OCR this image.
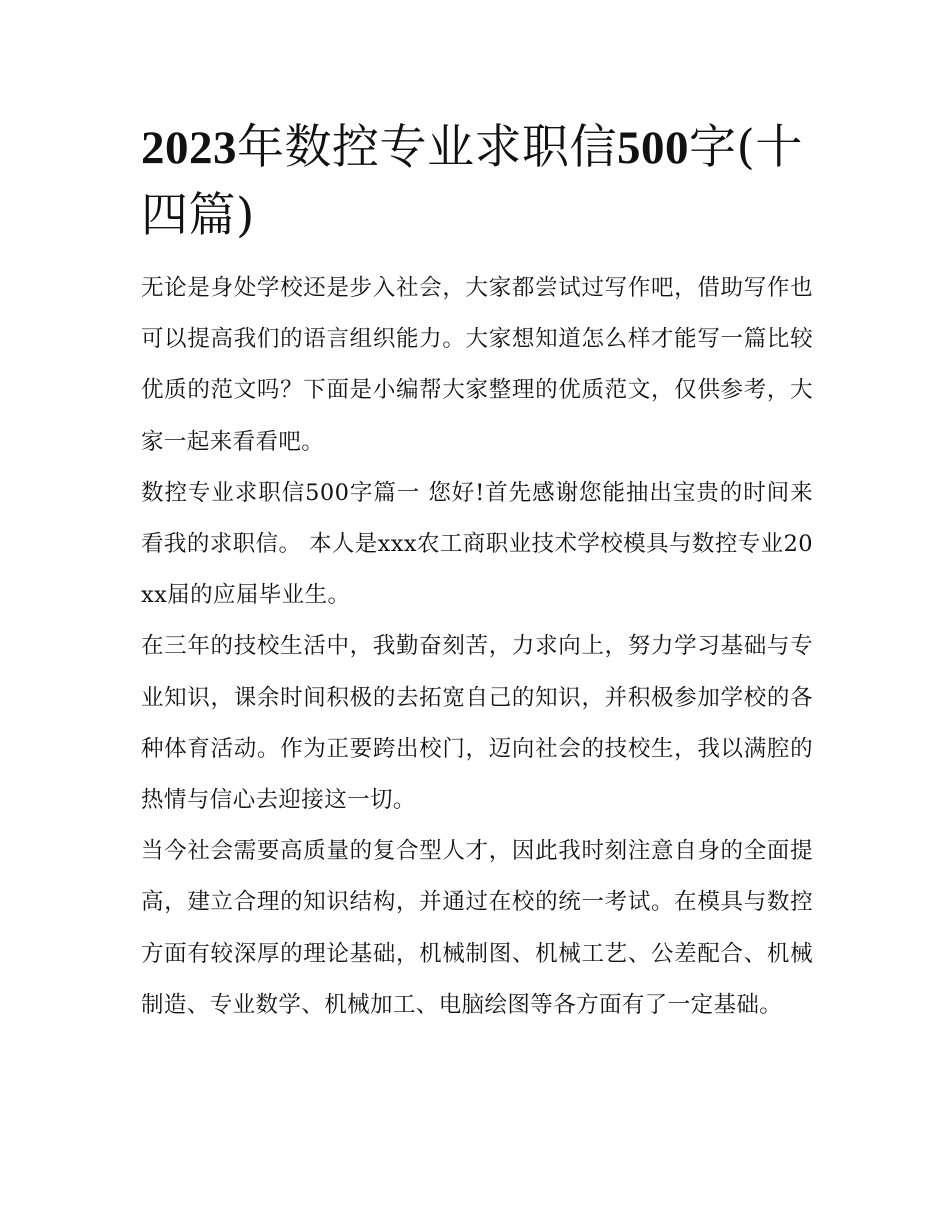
2023年数控专业求职信500字(十四篇)

无论是身处学校还是步入社会，大家都尝试过写作吧，借助写作也可以提高我们的语言组织能力。大家想知道怎么样才能写一篇比较优质的范文吗？下面是小编帮大家整理的优质范文，仅供参考，大家一起来看看吧。

数控专业求职信500字篇一 您好!首先感谢您能抽出宝贵的时间来看我的求职信。 本人是xxx农工商职业技术学校模具与数控专业20xx届的应届毕业生。

在三年的技校生活中，我勤奋刻苦，力求向上，努力学习基础与专业知识，课余时间积极的去拓宽自己的知识，并积极参加学校的各种体育活动。作为正要跨出校门，迈向社会的技校生，我以满腔的热情与信心去迎接这一切。

当今社会需要高质量的复合型人才，因此我时刻注意自身的全面提高，建立合理的知识结构，并通过在校的统一考试。在模具与数控方面有较深厚的理论基础，机械制图、机械工艺、公差配合、机械制造、专业数学、机械加工、电脑绘图等各方面有了一定基础。
